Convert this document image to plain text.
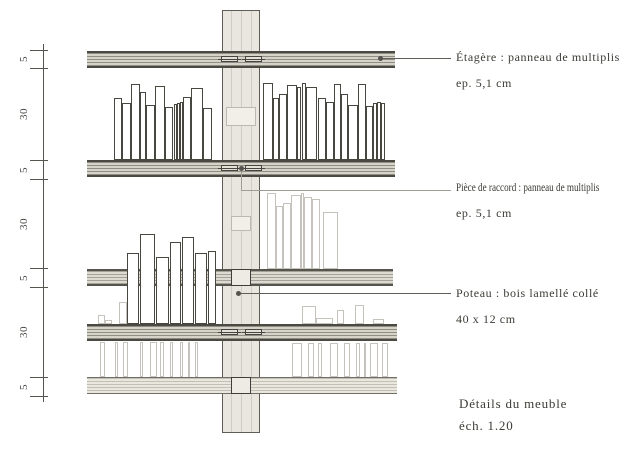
5
30
5
30
5
30
5
Étagère : panneau de multiplis
ep. 5,1 cm
Pièce de raccord : panneau de multiplis
ep. 5,1 cm
Poteau : bois lamellé collé
40 x 12 cm
Détails du meuble
éch. 1.20
